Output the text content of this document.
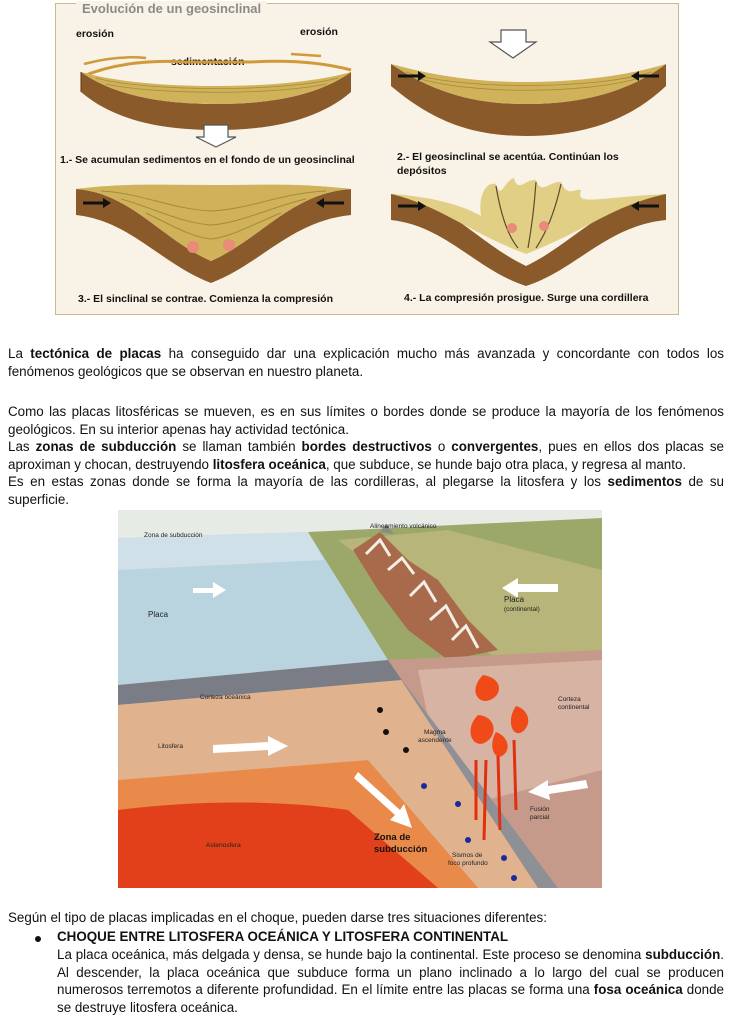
Evolución de un geosinclinal
erosión	erosión
sedimentación
1.- Se acumulan sedimentos en el fondo de un geosinclinal	2.- El geosinclinal se acentúa. Continúan los
depósitos
3.- El sinclinal se contrae. Comienza la compresión	4.- La compresión prosigue. Surge una cordillera
La tectónica de placas ha conseguido dar una explicación mucho más avanzada y concordante con todos los fenómenos geológicos que se observan en nuestro planeta.
Como las placas litosféricas se mueven, es en sus límites o bordes donde se produce la mayoría de los fenómenos geológicos. En su interior apenas hay actividad tectónica.
Las zonas de subducción se llaman también bordes destructivos o convergentes, pues en ellos dos placas se aproximan y chocan, destruyendo litosfera oceánica, que subduce, se hunde bajo otra placa, y regresa al manto.
Es en estas zonas donde se forma la mayoría de las cordilleras, al plegarse la litosfera y los sedimentos de su superficie.
Zona de subducción
Alineamiento volcánico
Placa
Placa
(continental)
Corteza oceánica	Corteza
continental
Magma
ascendente
Litosfera
Astenosfera
Fusión
parcial
Sismos de
foco profundo
Zona de
subducción
Según el tipo de placas implicadas en el choque, pueden darse tres situaciones diferentes:
CHOQUE ENTRE LITOSFERA OCEÁNICA Y LITOSFERA CONTINENTAL
La placa oceánica, más delgada y densa, se hunde bajo la continental. Este proceso se denomina subducción. Al descender, la placa oceánica que subduce forma un plano inclinado a lo largo del cual se producen numerosos terremotos a diferente profundidad. En el límite entre las placas se forma una fosa oceánica donde se destruye litosfera oceánica.
